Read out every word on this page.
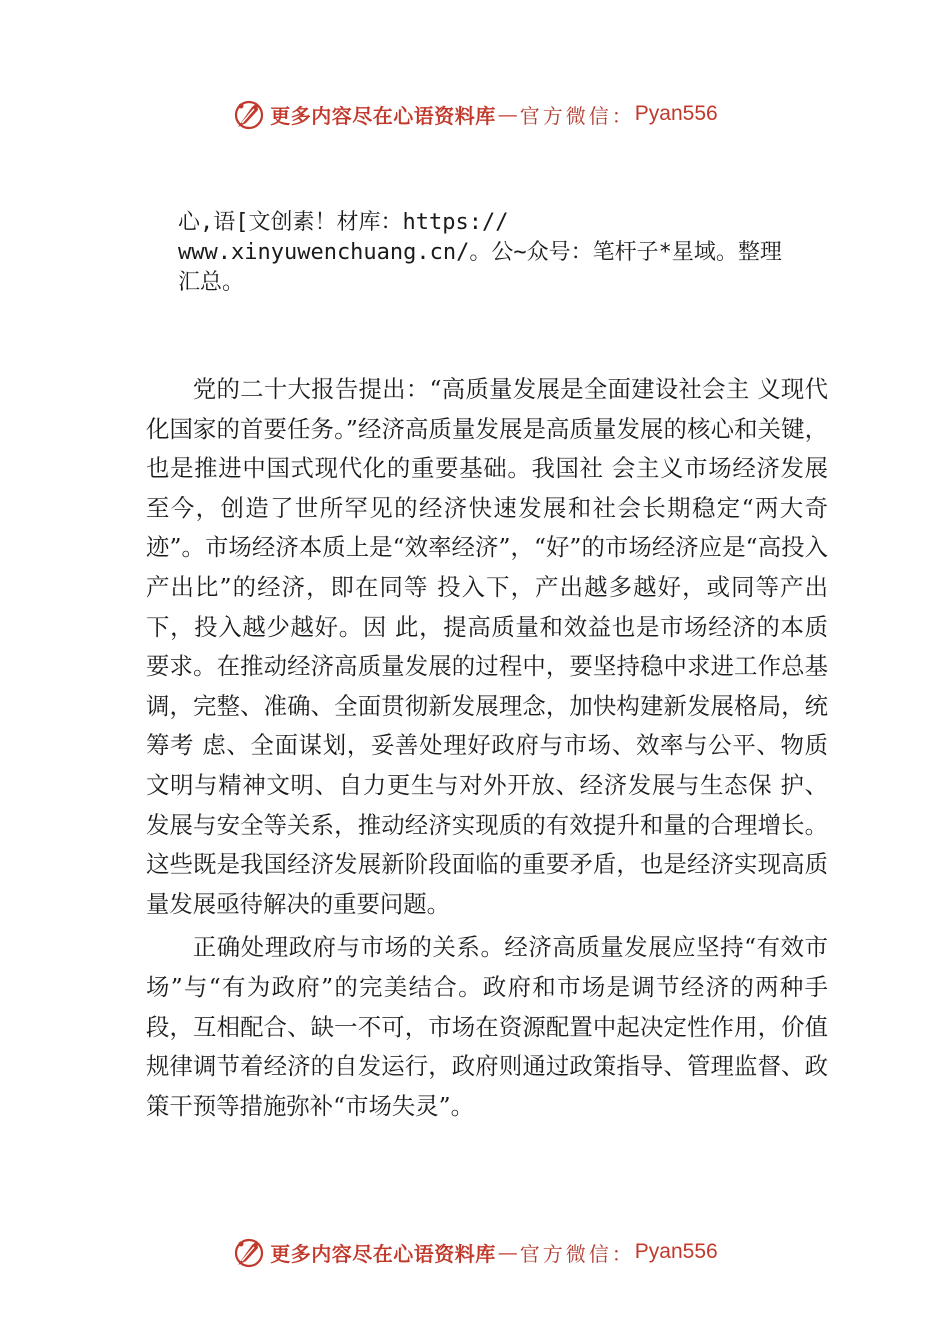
更多内容尽在心语资料库 — 官方微信： Pyan556
心,语[文创素！材库：https://
www.xinyuwenchuang.cn/。公~众号：笔杆子*星域。整理
汇总。

党的二十大报告提出：“高质量发展是全面建设社会主 义现代化国家的首要任务。”经济高质量发展是高质量发展的核心和关键，也是推进中国式现代化的重要基础。我国社 会主义市场经济发展至今，创造了世所罕见的经济快速发展和社会长期稳定“两大奇迹”。市场经济本质上是“效率经济”，“好”的市场经济应是“高投入产出比”的经济，即在同等 投入下，产出越多越好，或同等产出下，投入越少越好。因 此，提高质量和效益也是市场经济的本质要求。在推动经济高质量发展的过程中，要坚持稳中求进工作总基调，完整、准确、全面贯彻新发展理念，加快构建新发展格局，统筹考 虑、全面谋划，妥善处理好政府与市场、效率与公平、物质 文明与精神文明、自力更生与对外开放、经济发展与生态保 护、发展与安全等关系，推动经济实现质的有效提升和量的合理增长。这些既是我国经济发展新阶段面临的重要矛盾，也是经济实现高质量发展亟待解决的重要问题。

正确处理政府与市场的关系。经济高质量发展应坚持“有效市场”与“有为政府”的完美结合。政府和市场是调节经济的两种手段，互相配合、缺一不可，市场在资源配置中起决定性作用，价值规律调节着经济的自发运行，政府则通过政策指导、管理监督、政策干预等措施弥补“市场失灵”。

更多内容尽在心语资料库 — 官方微信： Pyan556
